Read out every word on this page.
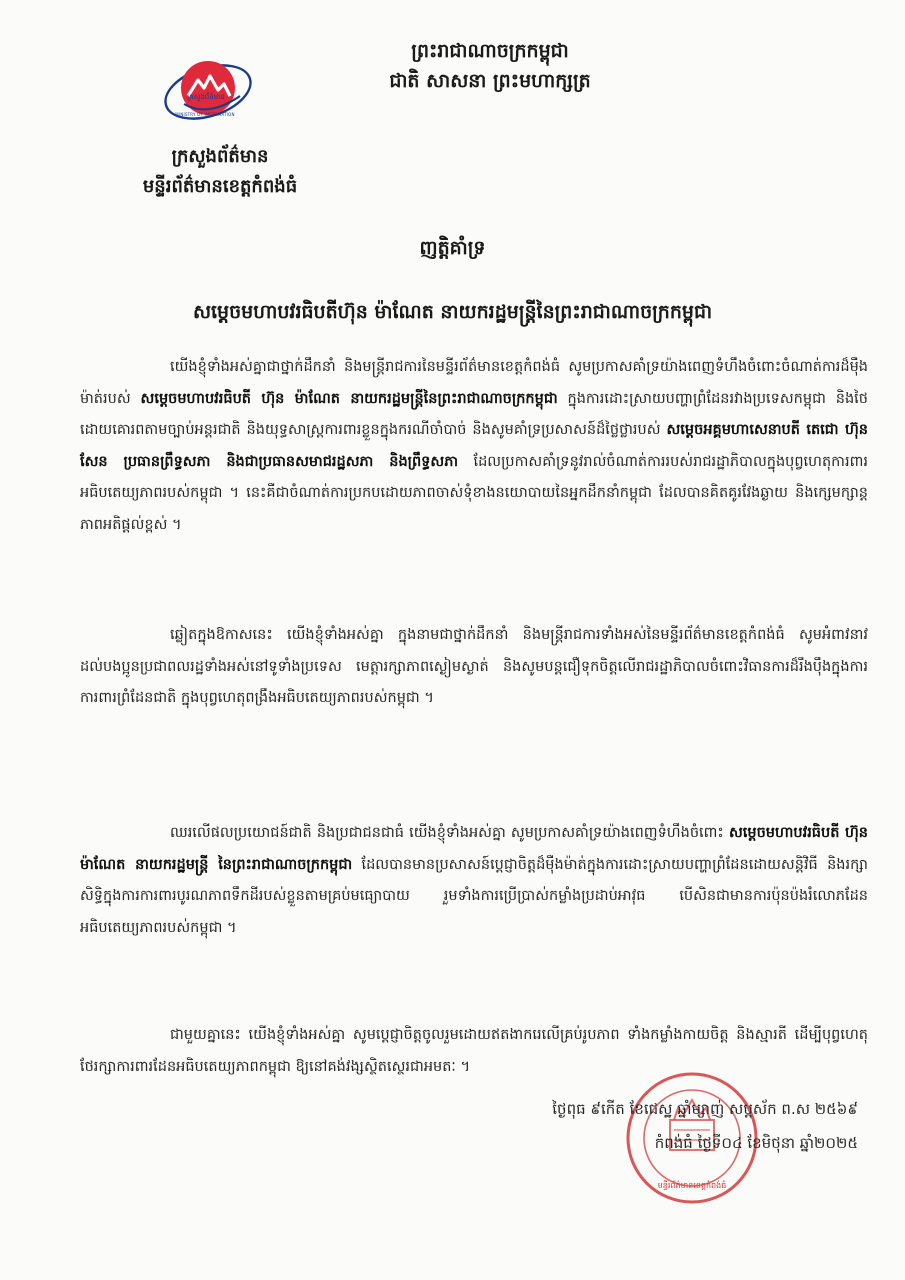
ក្រសួងព័ត៌មាន
MINISTRY OF INFORMATION
ព្រះរាជាណាចក្រកម្ពុជា
ជាតិ សាសនា ព្រះមហាក្សត្រ
ក្រសួងព័ត៌មាន
មន្ទីរព័ត៌មានខេត្តកំពង់ធំ
ញត្តិគាំទ្រ
សម្ដេចមហាបវរធិបតីហ៊ុន ម៉ាណែត នាយករដ្ឋមន្ត្រីនៃព្រះរាជាណាចក្រកម្ពុជា

យើងខ្ញុំទាំងអស់គ្នាជាថ្នាក់ដឹកនាំ និងមន្ត្រីរាជការនៃមន្ទីរព័ត៌មានខេត្តកំពង់ធំ សូមប្រកាសគាំទ្រយ៉ាងពេញទំហឹងចំពោះចំណាត់ការដ៏ម៉ឺងម៉ាត់របស់ សម្ដេចមហាបវរធិបតី ហ៊ុន ម៉ាណែត នាយករដ្ឋមន្ត្រីនៃព្រះរាជាណាចក្រកម្ពុជា ក្នុងការដោះស្រាយបញ្ហាព្រំដែនរវាងប្រទេសកម្ពុជា និងថៃ ដោយគោរពតាមច្បាប់អន្តរជាតិ និងយុទ្ធសាស្ត្រការពារខ្លួនក្នុងករណីចាំបាច់ និងសូមគាំទ្រប្រសាសន៍ដ៏ថ្លៃថ្លារបស់ សម្ដេចអគ្គមហាសេនាបតី តេជោ ហ៊ុន សែន ប្រធានព្រឹទ្ធសភា និងជាប្រធានសមាជរដ្ឋសភា និងព្រឹទ្ធសភា ដែលប្រកាសគាំទ្រនូវរាល់ចំណាត់ការរបស់រាជរដ្ឋាភិបាលក្នុងបុព្វហេតុការពារអធិបតេយ្យភាពរបស់កម្ពុជា ។ នេះគឺជាចំណាត់ការប្រកបដោយភាពចាស់ទុំខាងនយោបាយនៃអ្នកដឹកនាំកម្ពុជា ដែលបានគិតគូរវែងឆ្ងាយ និងក្សេមក្សាន្តភាពអតិផ្ដល់ខ្ពស់ ។

ឆ្លៀតក្នុងឱកាសនេះ យើងខ្ញុំទាំងអស់គ្នា ក្នុងនាមជាថ្នាក់ដឹកនាំ និងមន្ត្រីរាជការទាំងអស់នៃមន្ទីរព័ត៌មានខេត្តកំពង់ធំ សូមអំពាវនាវដល់បងប្អូនប្រជាពលរដ្ឋទាំងអស់នៅទូទាំងប្រទេស មេត្តារក្សាភាពស្ងៀមស្ងាត់ និងសូមបន្តជឿទុកចិត្តលើរាជរដ្ឋាភិបាលចំពោះវិធានការដ៏រឹងប៉ឹងក្នុងការការពារព្រំដែនជាតិ ក្នុងបុព្វហេតុពង្រឹងអធិបតេយ្យភាពរបស់កម្ពុជា ។

ឈរលើផលប្រយោជន៍ជាតិ និងប្រជាជនជាធំ យើងខ្ញុំទាំងអស់គ្នា សូមប្រកាសគាំទ្រយ៉ាងពេញទំហឹងចំពោះ សម្ដេចមហាបវរធិបតី ហ៊ុន ម៉ាណែត នាយករដ្ឋមន្ត្រី នៃព្រះរាជាណាចក្រកម្ពុជា ដែលបានមានប្រសាសន៍ប្ដេជ្ញាចិត្តដ៏ម៉ឺងម៉ាត់ក្នុងការដោះស្រាយបញ្ហាព្រំដែនដោយសន្តិវិធី និងរក្សាសិទ្ធិក្នុងការការពារបូរណភាពទឹកដីរបស់ខ្លួនតាមគ្រប់មធ្យោបាយ រួមទាំងការប្រើប្រាស់កម្លាំងប្រដាប់អាវុធ បើសិនជាមានការប៉ុនប៉ងរំលោភដែនអធិបតេយ្យភាពរបស់កម្ពុជា ។

ជាមួយគ្នានេះ យើងខ្ញុំទាំងអស់គ្នា សូមប្ដេជ្ញាចិត្តចូលរួមដោយឥតងាករេលើគ្រប់រូបភាព ទាំងកម្លាំងកាយចិត្ត និងស្មារតី ដើម្បីបុព្វហេតុថែរក្សាការពារដែនអធិបតេយ្យភាពកម្ពុជា ឱ្យនៅគង់វង្សស្ថិតស្ថេរជាអមតៈ ។

មន្ទីរព័ត៌មានខេត្តកំពង់ធំ
ថ្ងៃពុធ ៩កើត ខែជេស្ឋ ឆ្នាំម្សាញ់ សប្តស័ក ព.ស ២៥៦៩
កំពង់ធំ ថ្ងៃទី០៤ ខែមិថុនា ឆ្នាំ២០២៥
